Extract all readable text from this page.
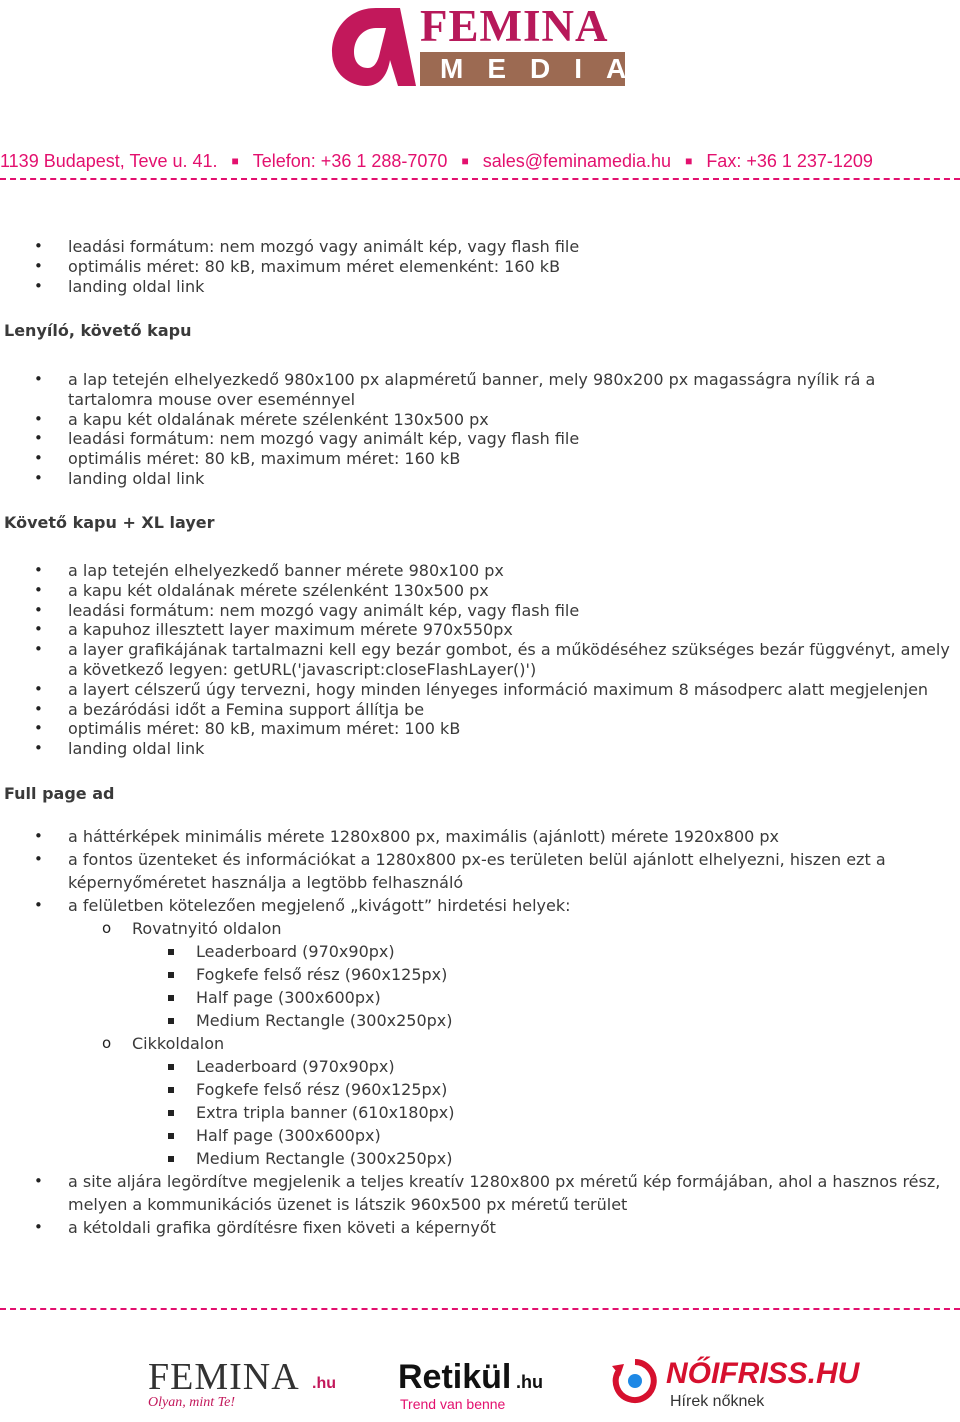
FEMINA
MEDIA
1139 Budapest, Teve u. 41. ■ Telefon: +36 1 288-7070 ■ sales@feminamedia.hu ■ Fax: +36 1 237-1209
• leadási formátum: nem mozgó vagy animált kép, vagy flash file
• optimális méret: 80 kB, maximum méret elemenként: 160 kB
• landing oldal link
Lenyíló, követő kapu
• a lap tetején elhelyezkedő 980x100 px alapméretű banner, mely 980x200 px magasságra nyílik rá a tartalomra mouse over eseménnyel
• a kapu két oldalának mérete szélenként 130x500 px
• leadási formátum: nem mozgó vagy animált kép, vagy flash file
• optimális méret: 80 kB, maximum méret: 160 kB
• landing oldal link
Követő kapu + XL layer
• a lap tetején elhelyezkedő banner mérete 980x100 px
• a kapu két oldalának mérete szélenként 130x500 px
• leadási formátum: nem mozgó vagy animált kép, vagy flash file
• a kapuhoz illesztett layer maximum mérete 970x550px
• a layer grafikájának tartalmazni kell egy bezár gombot, és a működéséhez szükséges bezár függvényt, amely a következő legyen: getURL('javascript:closeFlashLayer()')
• a layert célszerű úgy tervezni, hogy minden lényeges információ maximum 8 másodperc alatt megjelenjen
• a bezáródási időt a Femina support állítja be
• optimális méret: 80 kB, maximum méret: 100 kB
• landing oldal link
Full page ad
• a háttérképek minimális mérete 1280x800 px, maximális (ajánlott) mérete 1920x800 px
• a fontos üzenteket és információkat a 1280x800 px-es területen belül ajánlott elhelyezni, hiszen ezt a képernyőméretet használja a legtöbb felhasználó
• a felületben kötelezően megjelenő „kivágott” hirdetési helyek:
o Rovatnyitó oldalon
Leaderboard (970x90px)
Fogkefe felső rész (960x125px)
Half page (300x600px)
Medium Rectangle (300x250px)
o Cikkoldalon
Leaderboard (970x90px)
Fogkefe felső rész (960x125px)
Extra tripla banner (610x180px)
Half page (300x600px)
Medium Rectangle (300x250px)
• a site aljára legördítve megjelenik a teljes kreatív 1280x800 px méretű kép formájában, ahol a hasznos rész, melyen a kommunikációs üzenet is látszik 960x500 px méretű terület
• a kétoldali grafika gördítésre fixen követi a képernyőt
FEMINA .hu
Olyan, mint Te!
Retikül .hu
Trend van benne
NŐIFRISS.HU
Hírek nőknek
